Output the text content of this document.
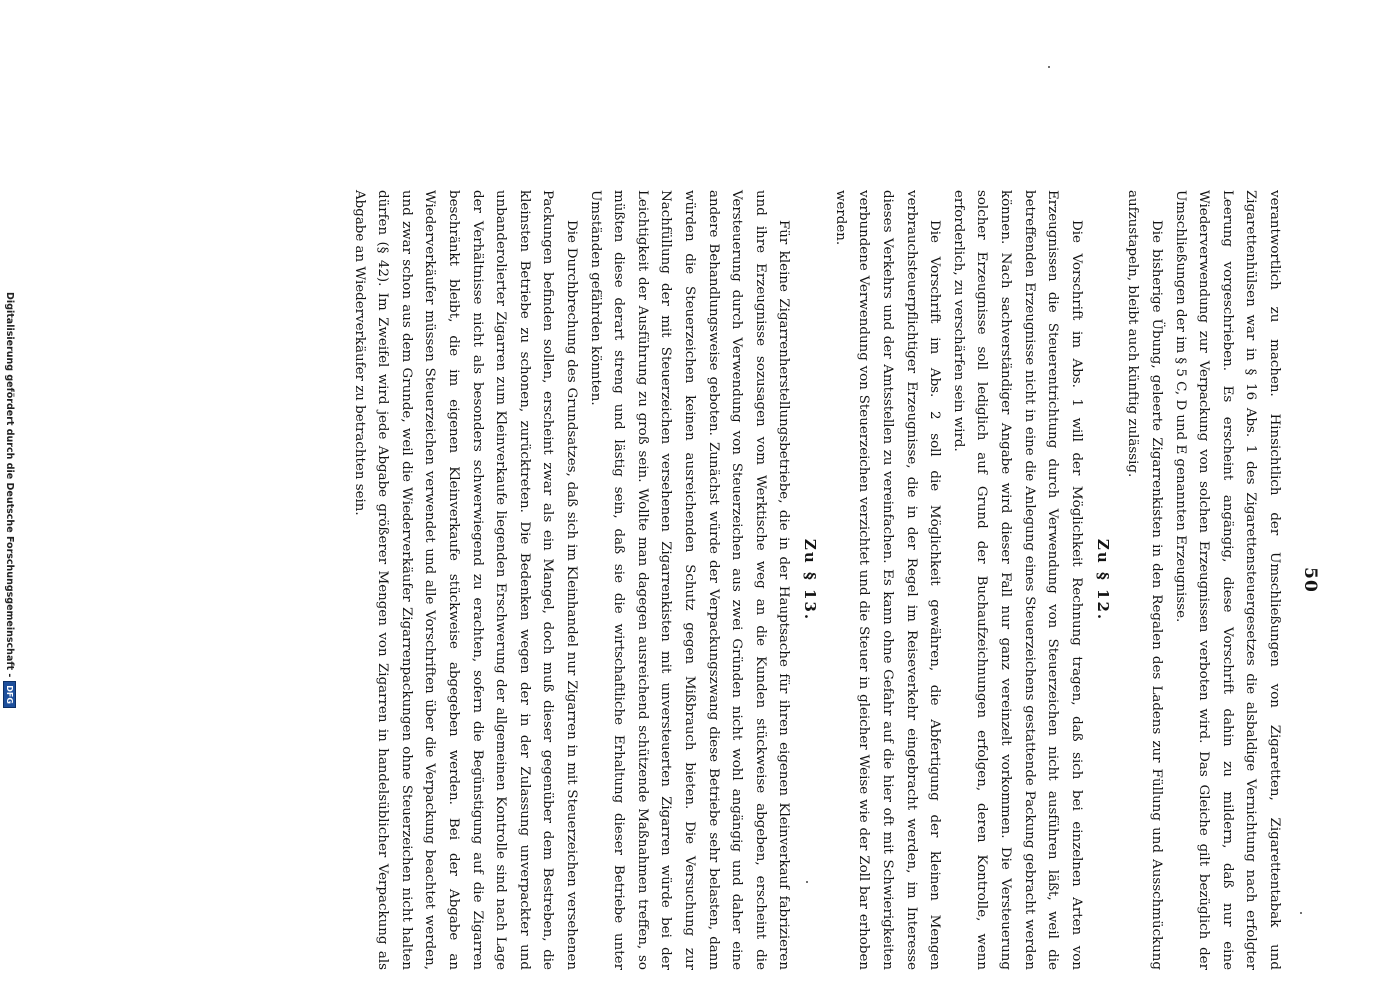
50

verantwortlich zu machen. Hinsichtlich der Umschließungen von Zigaretten, Zigarettentabak und Zigarettenhülsen war in § 16 Abs. 1 des Zigarettensteuergesetzes die alsbaldige Vernichtung nach erfolgter Leerung vorgeschrieben. Es erscheint angängig, diese Vorschrift dahin zu mildern, daß nur eine Wiederverwendung zur Verpackung von solchen Erzeugnissen verboten wird. Das Gleiche gilt bezüglich der Umschließungen der im § 5 C, D und E genannten Erzeugnisse.

Die bisherige Übung, geleerte Zigarrenkisten in den Regalen des Ladens zur Füllung und Ausschmückung aufzustapeln, bleibt auch künftig zulässig.

Zu § 12.

Die Vorschrift im Abs. 1 will der Möglichkeit Rechnung tragen, daß sich bei einzelnen Arten von Erzeugnissen die Steuerentrichtung durch Verwendung von Steuerzeichen nicht ausführen läßt, weil die betreffenden Erzeugnisse nicht in eine die Anlegung eines Steuerzeichens gestattende Packung gebracht werden können. Nach sachverständiger Angabe wird dieser Fall nur ganz vereinzelt vorkommen. Die Versteuerung solcher Erzeugnisse soll lediglich auf Grund der Buchaufzeichnungen erfolgen, deren Kontrolle, wenn erforderlich, zu verschärfen sein wird.

Die Vorschrift im Abs. 2 soll die Möglichkeit gewähren, die Abfertigung der kleinen Mengen verbrauchsteuerpflichtiger Erzeugnisse, die in der Regel im Reiseverkehr eingebracht werden, im Interesse dieses Verkehrs und der Amtsstellen zu vereinfachen. Es kann ohne Gefahr auf die hier oft mit Schwierigkeiten verbundene Verwendung von Steuerzeichen verzichtet und die Steuer in gleicher Weise wie der Zoll bar erhoben werden.

Zu § 13.

Für kleine Zigarrenherstellungsbetriebe, die in der Hauptsache für ihren eigenen Kleinverkauf fabrizieren und ihre Erzeugnisse sozusagen vom Werktische weg an die Kunden stückweise abgeben, erscheint die Versteuerung durch Verwendung von Steuerzeichen aus zwei Gründen nicht wohl angängig und daher eine andere Behandlungsweise geboten. Zunächst würde der Verpackungszwang diese Betriebe sehr belasten, dann würden die Steuerzeichen keinen ausreichenden Schutz gegen Mißbrauch bieten. Die Versuchung zur Nachfüllung der mit Steuerzeichen versehenen Zigarrenkisten mit unversteuerten Zigarren würde bei der Leichtigkeit der Ausführung zu groß sein. Wollte man dagegen ausreichend schützende Maßnahmen treffen, so müßten diese derart streng und lästig sein, daß sie die wirtschaftliche Erhaltung dieser Betriebe unter Umständen gefährden könnten.

Die Durchbrechung des Grundsatzes, daß sich im Kleinhandel nur Zigarren in mit Steuerzeichen versehenen Packungen befinden sollen, erscheint zwar als ein Mangel, doch muß dieser gegenüber dem Bestreben, die kleinsten Betriebe zu schonen, zurücktreten. Die Bedenken wegen der in der Zulassung unverpackter und unbanderolierter Zigarren zum Kleinverkaufe liegenden Erschwerung der allgemeinen Kontrolle sind nach Lage der Verhältnisse nicht als besonders schwerwiegend zu erachten, sofern die Begünstigung auf die Zigarren beschränkt bleibt, die im eigenen Kleinverkaufe stückweise abgegeben werden. Bei der Abgabe an Wiederverkäufer müssen Steuerzeichen verwendet und alle Vorschriften über die Verpackung beachtet werden, und zwar schon aus dem Grunde, weil die Wiederverkäufer Zigarrenpackungen ohne Steuerzeichen nicht halten dürfen (§ 42). Im Zweifel wird jede Abgabe größerer Mengen von Zigarren in handelsüblicher Verpackung als Abgabe an Wiederverkäufer zu betrachten sein.

Digitalisierung gefördert durch die Deutsche Forschungsgemeinschaft -
DFG
